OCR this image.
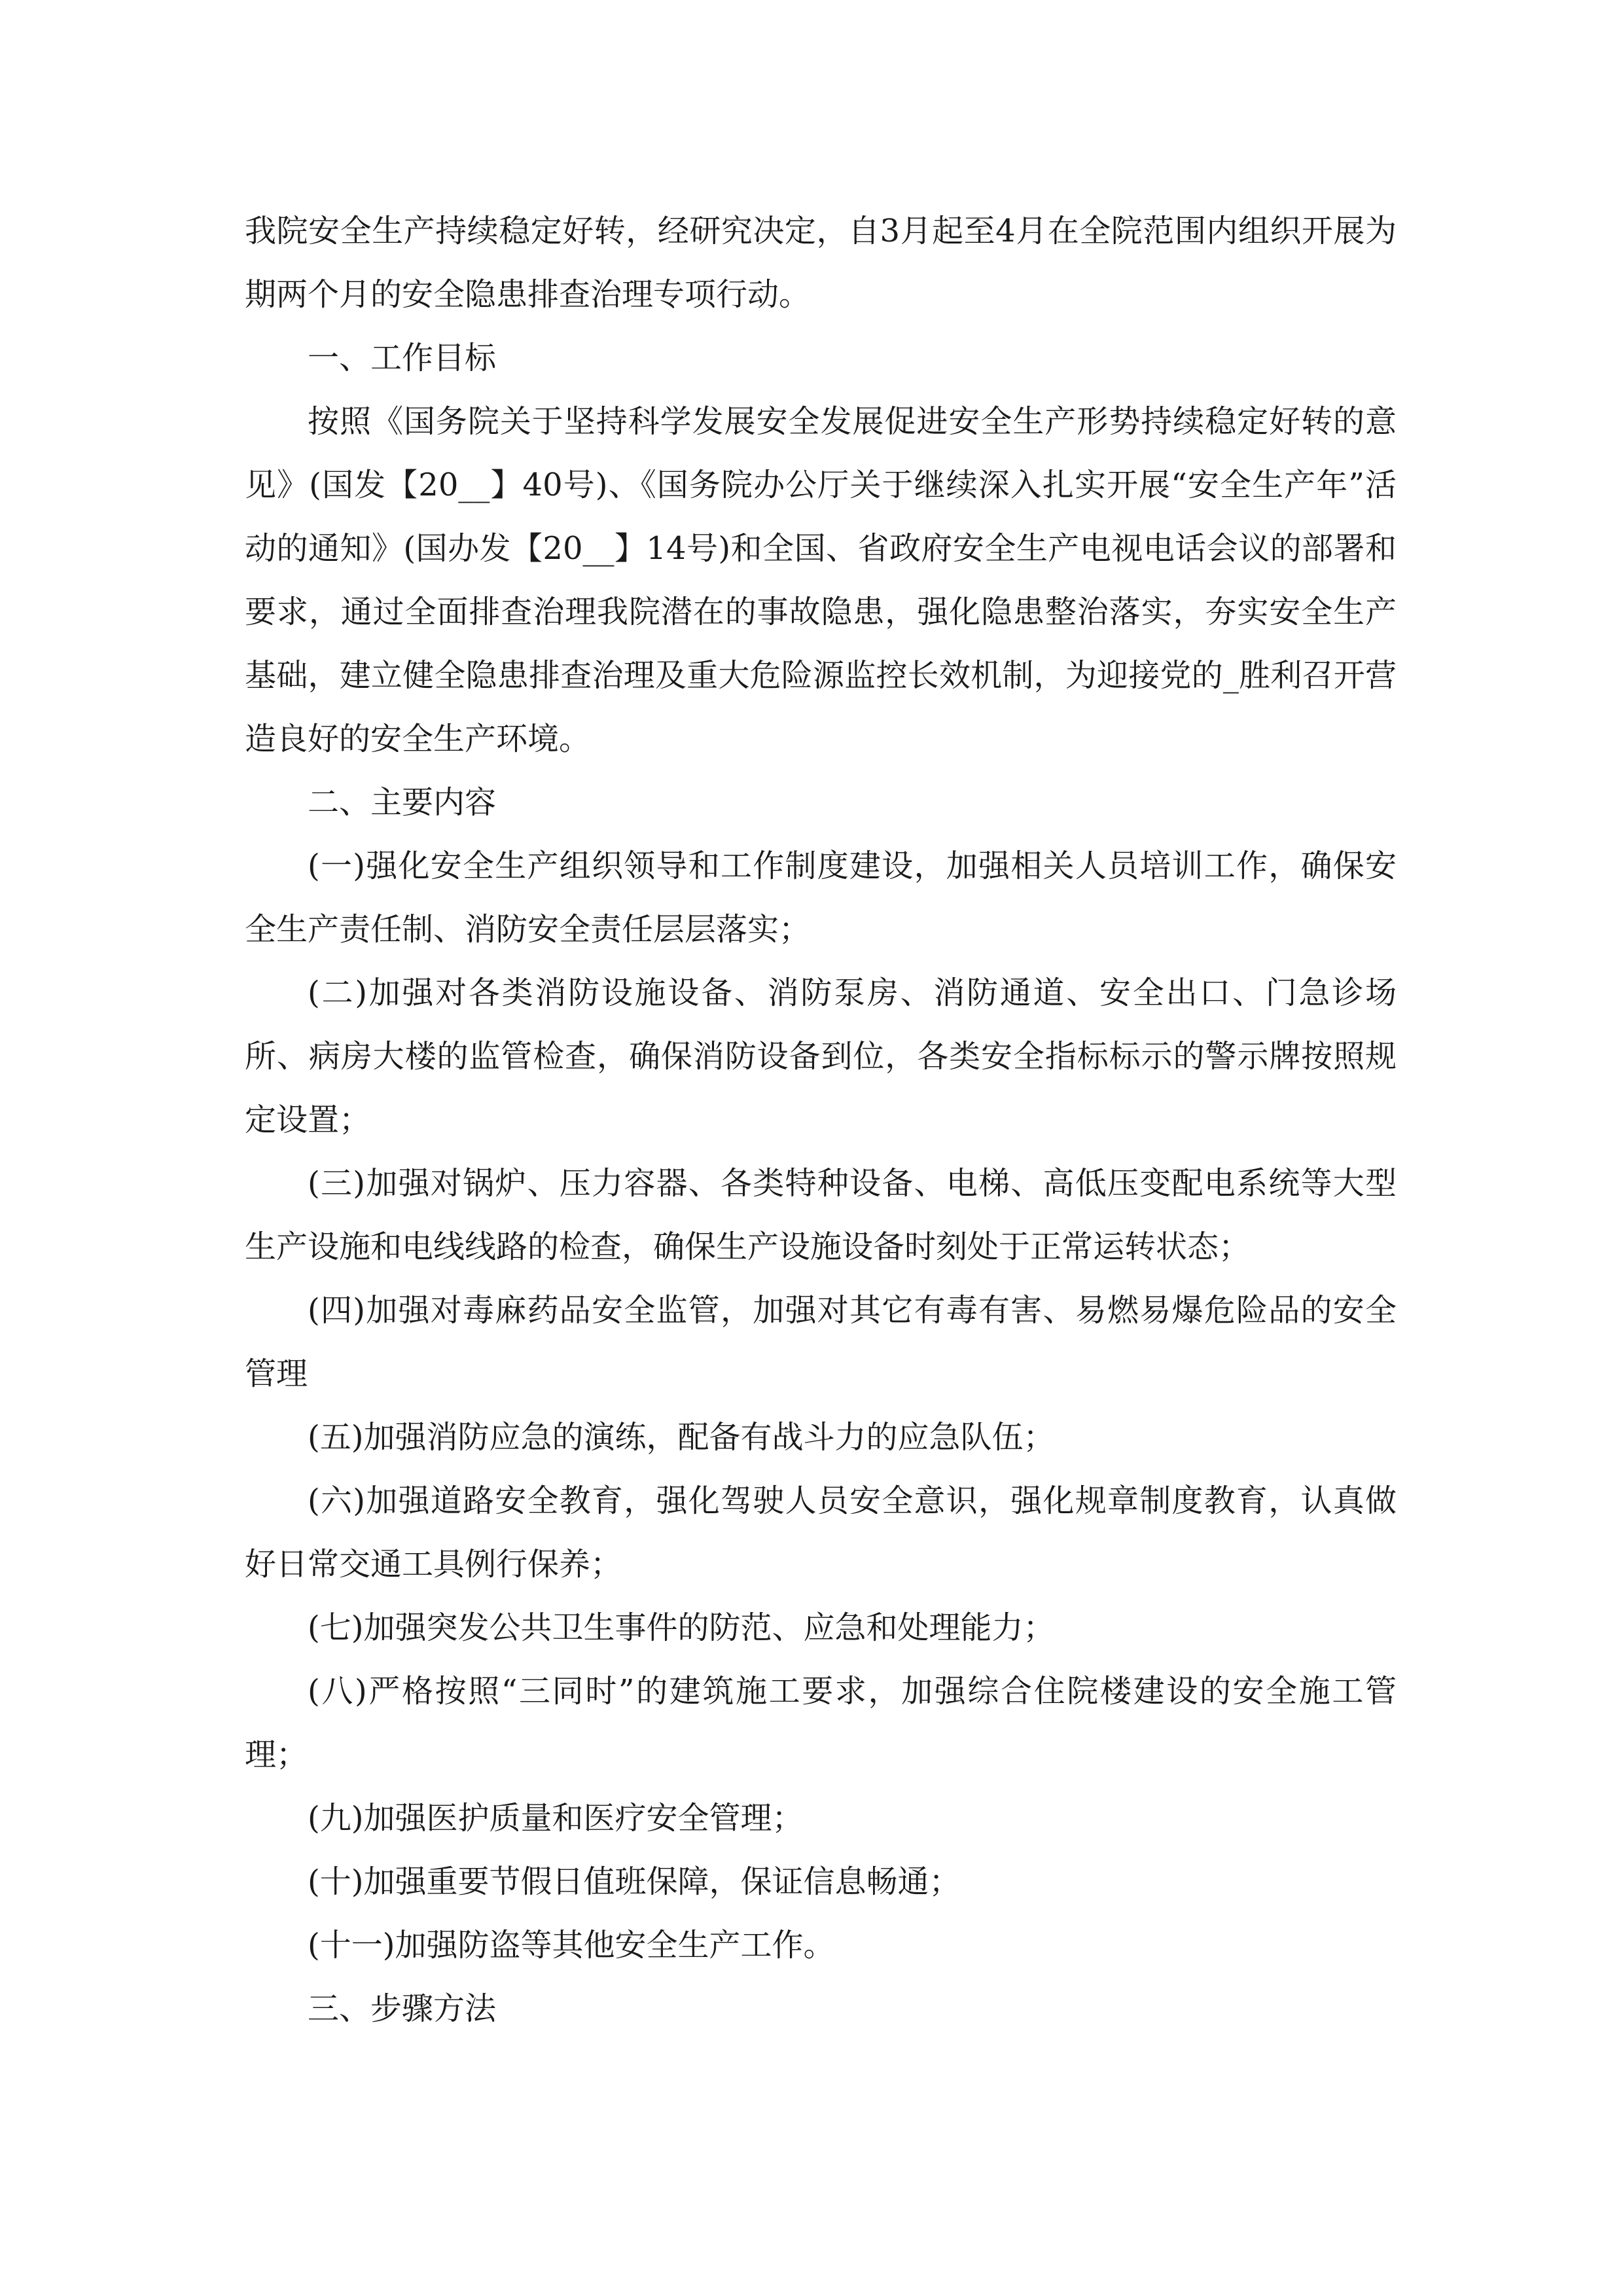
我院安全生产持续稳定好转，经研究决定，自3月起至4月在全院范围内组织开展为期两个月的安全隐患排查治理专项行动。

一、工作目标

按照《国务院关于坚持科学发展安全发展促进安全生产形势持续稳定好转的意见》(国发【20__】40号)、《国务院办公厅关于继续深入扎实开展“安全生产年”活动的通知》(国办发【20__】14号)和全国、省政府安全生产电视电话会议的部署和要求，通过全面排查治理我院潜在的事故隐患，强化隐患整治落实，夯实安全生产基础，建立健全隐患排查治理及重大危险源监控长效机制，为迎接党的_胜利召开营造良好的安全生产环境。

二、主要内容

(一)强化安全生产组织领导和工作制度建设，加强相关人员培训工作，确保安全生产责任制、消防安全责任层层落实；

(二)加强对各类消防设施设备、消防泵房、消防通道、安全出口、门急诊场所、病房大楼的监管检查，确保消防设备到位，各类安全指标标示的警示牌按照规定设置；

(三)加强对锅炉、压力容器、各类特种设备、电梯、高低压变配电系统等大型生产设施和电线线路的检查，确保生产设施设备时刻处于正常运转状态；

(四)加强对毒麻药品安全监管，加强对其它有毒有害、易燃易爆危险品的安全管理

(五)加强消防应急的演练，配备有战斗力的应急队伍；

(六)加强道路安全教育，强化驾驶人员安全意识，强化规章制度教育，认真做好日常交通工具例行保养；

(七)加强突发公共卫生事件的防范、应急和处理能力；

(八)严格按照“三同时”的建筑施工要求，加强综合住院楼建设的安全施工管理；

(九)加强医护质量和医疗安全管理；

(十)加强重要节假日值班保障，保证信息畅通；

(十一)加强防盗等其他安全生产工作。

三、步骤方法
